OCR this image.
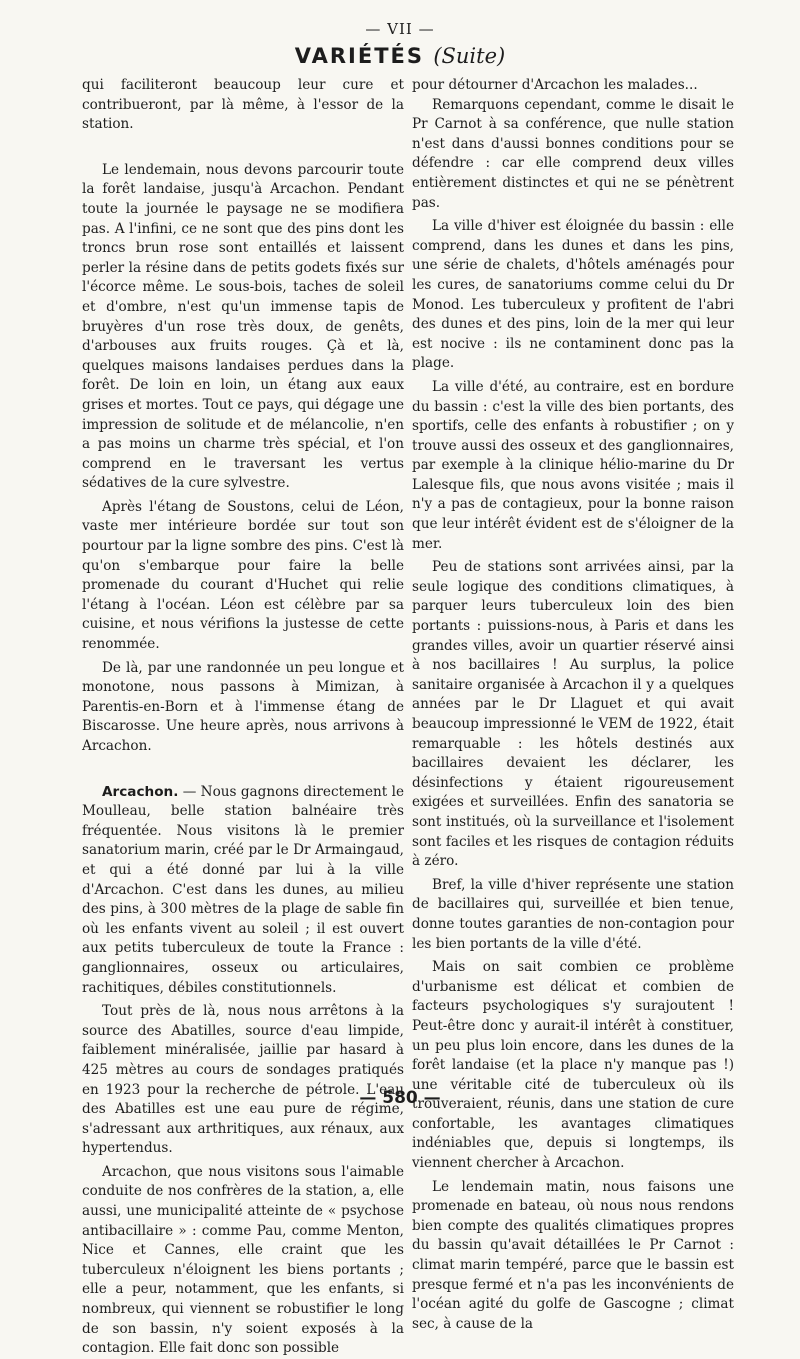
— VII —
VARIÉTÉS (Suite)

qui faciliteront beaucoup leur cure et contribueront, par là même, à l'essor de la station.

Le lendemain, nous devons parcourir toute la forêt landaise, jusqu'à Arcachon. Pendant toute la journée le paysage ne se modifiera pas. A l'infini, ce ne sont que des pins dont les troncs brun rose sont entaillés et laissent perler la résine dans de petits godets fixés sur l'écorce même. Le sous-bois, taches de soleil et d'ombre, n'est qu'un immense tapis de bruyères d'un rose très doux, de genêts, d'arbouses aux fruits rouges. Çà et là, quelques maisons landaises perdues dans la forêt. De loin en loin, un étang aux eaux grises et mortes. Tout ce pays, qui dégage une impression de solitude et de mélancolie, n'en a pas moins un charme très spécial, et l'on comprend en le traversant les vertus sédatives de la cure sylvestre.

Après l'étang de Soustons, celui de Léon, vaste mer intérieure bordée sur tout son pourtour par la ligne sombre des pins. C'est là qu'on s'embarque pour faire la belle promenade du courant d'Huchet qui relie l'étang à l'océan. Léon est célèbre par sa cuisine, et nous vérifions la justesse de cette renommée.

De là, par une randonnée un peu longue et monotone, nous passons à Mimizan, à Parentis-en-Born et à l'immense étang de Biscarosse. Une heure après, nous arrivons à Arcachon.

Arcachon. — Nous gagnons directement le Moulleau, belle station balnéaire très fréquentée. Nous visitons là le premier sanatorium marin, créé par le Dr Armaingaud, et qui a été donné par lui à la ville d'Arcachon. C'est dans les dunes, au milieu des pins, à 300 mètres de la plage de sable fin où les enfants vivent au soleil ; il est ouvert aux petits tuberculeux de toute la France : ganglionnaires, osseux ou articulaires, rachitiques, débiles constitutionnels.

Tout près de là, nous nous arrêtons à la source des Abatilles, source d'eau limpide, faiblement minéralisée, jaillie par hasard à 425 mètres au cours de sondages pratiqués en 1923 pour la recherche de pétrole. L'eau des Abatilles est une eau pure de régime, s'adressant aux arthritiques, aux rénaux, aux hypertendus.

Arcachon, que nous visitons sous l'aimable conduite de nos confrères de la station, a, elle aussi, une municipalité atteinte de « psychose antibacillaire » : comme Pau, comme Menton, Nice et Cannes, elle craint que les tuberculeux n'éloignent les biens portants ; elle a peur, notamment, que les enfants, si nombreux, qui viennent se robustifier le long de son bassin, n'y soient exposés à la contagion. Elle fait donc son possible

pour détourner d'Arcachon les malades...

Remarquons cependant, comme le disait le Pr Carnot à sa conférence, que nulle station n'est dans d'aussi bonnes conditions pour se défendre : car elle comprend deux villes entièrement distinctes et qui ne se pénètrent pas.

La ville d'hiver est éloignée du bassin : elle comprend, dans les dunes et dans les pins, une série de chalets, d'hôtels aménagés pour les cures, de sanatoriums comme celui du Dr Monod. Les tuberculeux y profitent de l'abri des dunes et des pins, loin de la mer qui leur est nocive : ils ne contaminent donc pas la plage.

La ville d'été, au contraire, est en bordure du bassin : c'est la ville des bien portants, des sportifs, celle des enfants à robustifier ; on y trouve aussi des osseux et des ganglionnaires, par exemple à la clinique hélio-marine du Dr Lalesque fils, que nous avons visitée ; mais il n'y a pas de contagieux, pour la bonne raison que leur intérêt évident est de s'éloigner de la mer.

Peu de stations sont arrivées ainsi, par la seule logique des conditions climatiques, à parquer leurs tuberculeux loin des bien portants : puissions-nous, à Paris et dans les grandes villes, avoir un quartier réservé ainsi à nos bacillaires ! Au surplus, la police sanitaire organisée à Arcachon il y a quelques années par le Dr Llaguet et qui avait beaucoup impressionné le VEM de 1922, était remarquable : les hôtels destinés aux bacillaires devaient les déclarer, les désinfections y étaient rigoureusement exigées et surveillées. Enfin des sanatoria se sont institués, où la surveillance et l'isolement sont faciles et les risques de contagion réduits à zéro.

Bref, la ville d'hiver représente une station de bacillaires qui, surveillée et bien tenue, donne toutes garanties de non-contagion pour les bien portants de la ville d'été.

Mais on sait combien ce problème d'urbanisme est délicat et combien de facteurs psychologiques s'y surajoutent ! Peut-être donc y aurait-il intérêt à constituer, un peu plus loin encore, dans les dunes de la forêt landaise (et la place n'y manque pas !) une véritable cité de tuberculeux où ils trouveraient, réunis, dans une station de cure confortable, les avantages climatiques indéniables que, depuis si longtemps, ils viennent chercher à Arcachon.

Le lendemain matin, nous faisons une promenade en bateau, où nous nous rendons bien compte des qualités climatiques propres du bassin qu'avait détaillées le Pr Carnot : climat marin tempéré, parce que le bassin est presque fermé et n'a pas les inconvénients de l'océan agité du golfe de Gascogne ; climat sec, à cause de la

— 580 —
